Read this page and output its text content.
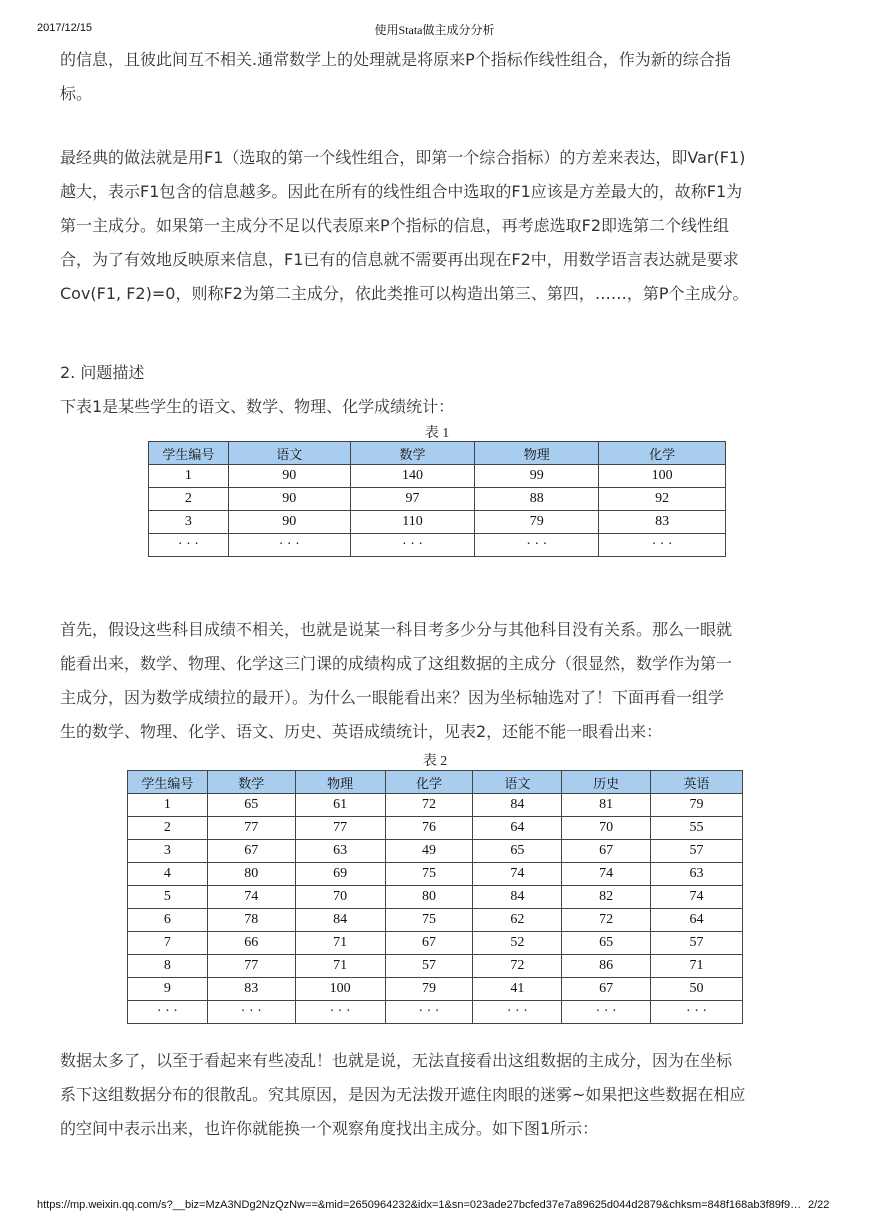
2017/12/15	使用Stata做主成分分析
的信息，且彼此间互不相关.通常数学上的处理就是将原来P个指标作线性组合，作为新的综合指
标。
最经典的做法就是用F1（选取的第一个线性组合，即第一个综合指标）的方差来表达，即Var(F1)
越大，表示F1包含的信息越多。因此在所有的线性组合中选取的F1应该是方差最大的，故称F1为
第一主成分。如果第一主成分不足以代表原来P个指标的信息，再考虑选取F2即选第二个线性组
合，为了有效地反映原来信息，F1已有的信息就不需要再出现在F2中，用数学语言表达就是要求
Cov(F1, F2)=0，则称F2为第二主成分，依此类推可以构造出第三、第四，……，第P个主成分。
2. 问题描述
下表1是某些学生的语文、数学、物理、化学成绩统计：
表 1
学生编号	语文	数学	物理	化学
1	90	140	99	100
2	90	97	88	92
3	90	110	79	83
· · ·	· · ·	· · ·	· · ·	· · ·
首先，假设这些科目成绩不相关，也就是说某一科目考多少分与其他科目没有关系。那么一眼就
能看出来，数学、物理、化学这三门课的成绩构成了这组数据的主成分（很显然，数学作为第一
主成分，因为数学成绩拉的最开）。为什么一眼能看出来？因为坐标轴选对了！下面再看一组学
生的数学、物理、化学、语文、历史、英语成绩统计，见表2，还能不能一眼看出来：
表 2
学生编号	数学	物理	化学	语文	历史	英语
1	65	61	72	84	81	79
2	77	77	76	64	70	55
3	67	63	49	65	67	57
4	80	69	75	74	74	63
5	74	70	80	84	82	74
6	78	84	75	62	72	64
7	66	71	67	52	65	57
8	77	71	57	72	86	71
9	83	100	79	41	67	50
· · ·	· · ·	· · ·	· · ·	· · ·	· · ·	· · ·
数据太多了，以至于看起来有些凌乱！也就是说，无法直接看出这组数据的主成分，因为在坐标
系下这组数据分布的很散乱。究其原因，是因为无法拨开遮住肉眼的迷雾~如果把这些数据在相应
的空间中表示出来，也许你就能换一个观察角度找出主成分。如下图1所示：
https://mp.weixin.qq.com/s?__biz=MzA3NDg2NzQzNw==&mid=2650964232&idx=1&sn=023ade27bcfed37e7a89625d044d2879&chksm=848f168ab3f89f9… 2/22
